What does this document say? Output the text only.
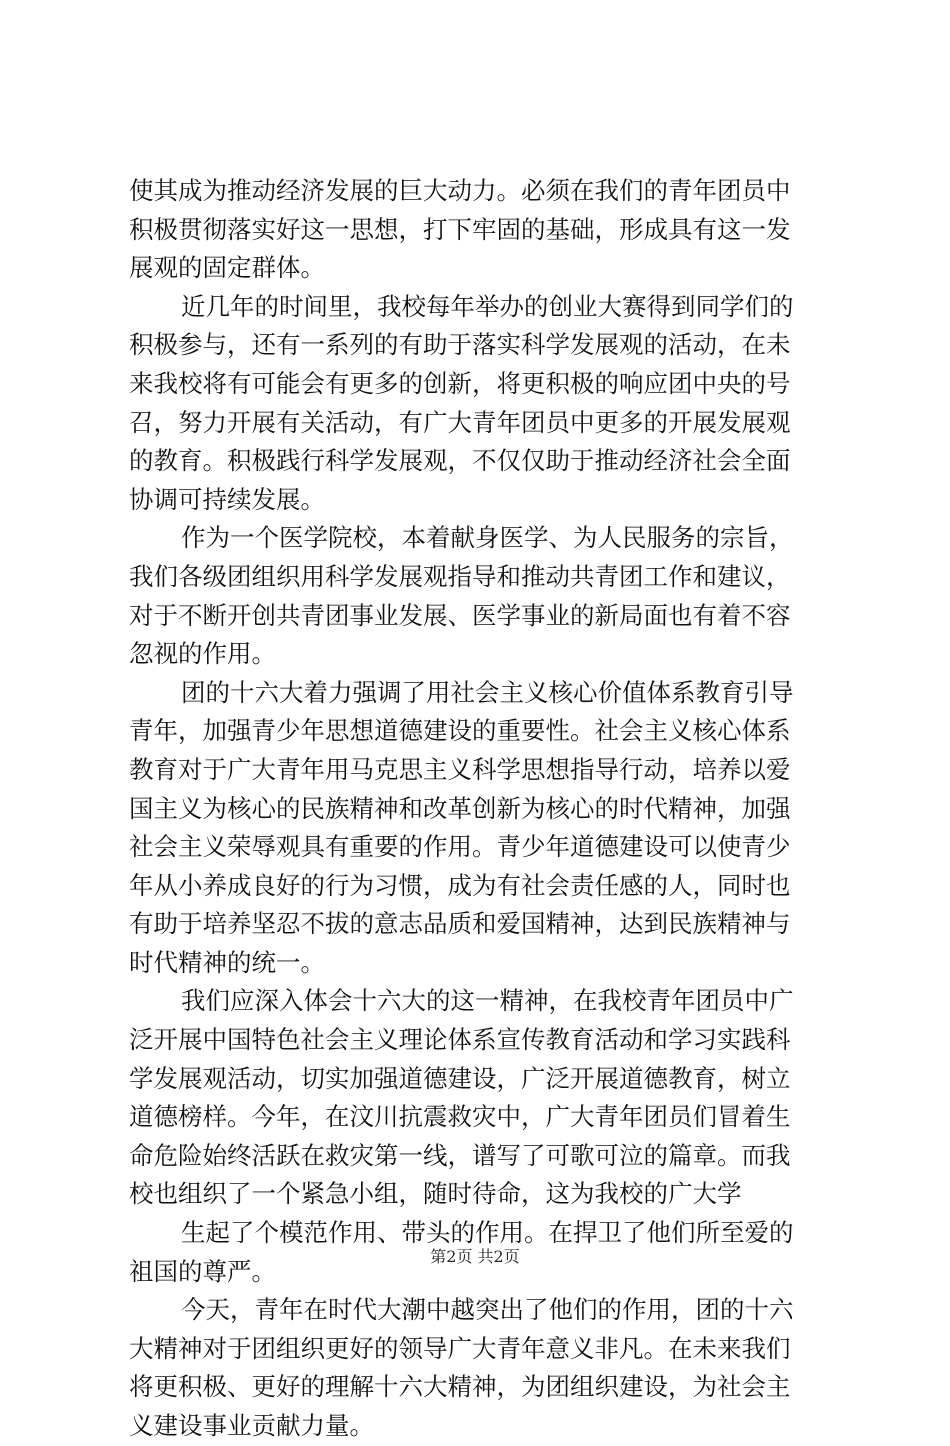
使其成为推动经济发展的巨大动力。必须在我们的青年团员中
积极贯彻落实好这一思想，打下牢固的基础，形成具有这一发
展观的固定群体。
近几年的时间里，我校每年举办的创业大赛得到同学们的
积极参与，还有一系列的有助于落实科学发展观的活动，在未
来我校将有可能会有更多的创新，将更积极的响应团中央的号
召，努力开展有关活动，有广大青年团员中更多的开展发展观
的教育。积极践行科学发展观，不仅仅助于推动经济社会全面
协调可持续发展。
作为一个医学院校，本着献身医学、为人民服务的宗旨，
我们各级团组织用科学发展观指导和推动共青团工作和建议，
对于不断开创共青团事业发展、医学事业的新局面也有着不容
忽视的作用。
团的十六大着力强调了用社会主义核心价值体系教育引导
青年，加强青少年思想道德建设的重要性。社会主义核心体系
教育对于广大青年用马克思主义科学思想指导行动，培养以爱
国主义为核心的民族精神和改革创新为核心的时代精神，加强
社会主义荣辱观具有重要的作用。青少年道德建设可以使青少
年从小养成良好的行为习惯，成为有社会责任感的人，同时也
有助于培养坚忍不拔的意志品质和爱国精神，达到民族精神与
时代精神的统一。
我们应深入体会十六大的这一精神，在我校青年团员中广
泛开展中国特色社会主义理论体系宣传教育活动和学习实践科
学发展观活动，切实加强道德建设，广泛开展道德教育，树立
道德榜样。今年，在汶川抗震救灾中，广大青年团员们冒着生
命危险始终活跃在救灾第一线，谱写了可歌可泣的篇章。而我
校也组织了一个紧急小组，随时待命，这为我校的广大学
生起了个模范作用、带头的作用。在捍卫了他们所至爱的
祖国的尊严。
今天，青年在时代大潮中越突出了他们的作用，团的十六
大精神对于团组织更好的领导广大青年意义非凡。在未来我们
将更积极、更好的理解十六大精神，为团组织建设，为社会主
义建设事业贡献力量。
第2页 共2页
